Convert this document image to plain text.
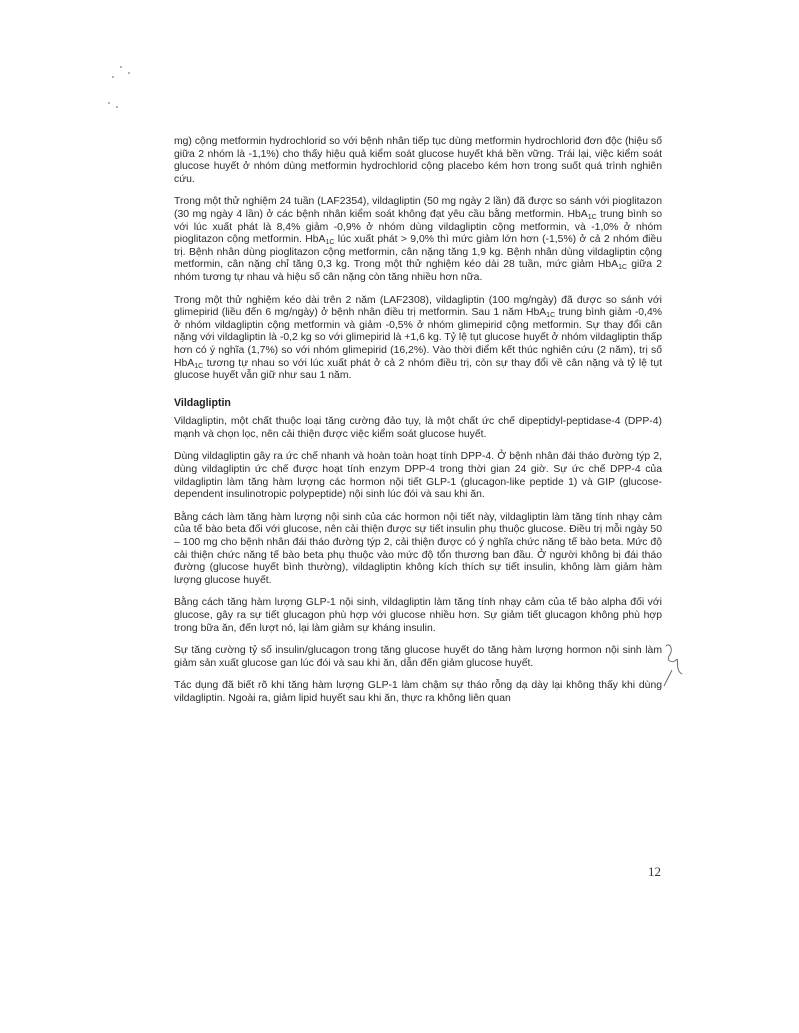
mg) cộng metformin hydrochlorid so với bệnh nhân tiếp tục dùng metformin hydrochlorid đơn độc (hiệu số giữa 2 nhóm là -1,1%) cho thấy hiệu quả kiểm soát glucose huyết khá bền vững. Trái lại, việc kiểm soát glucose huyết ở nhóm dùng metformin hydrochlorid cộng placebo kém hơn trong suốt quá trình nghiên cứu.

Trong một thử nghiệm 24 tuần (LAF2354), vildagliptin (50 mg ngày 2 lần) đã được so sánh với pioglitazon (30 mg ngày 4 lần) ở các bệnh nhân kiểm soát không đạt yêu cầu bằng metformin. HbA$_{1C}$ trung bình so với lúc xuất phát là 8,4% giảm -0,9% ở nhóm dùng vildagliptin cộng metformin, và -1,0% ở nhóm pioglitazon cộng metformin. HbA$_{1C}$ lúc xuất phát > 9,0% thì mức giảm lớn hơn (-1,5%) ở cả 2 nhóm điều trị. Bệnh nhân dùng pioglitazon cộng metformin, cân nặng tăng 1,9 kg. Bệnh nhân dùng vildagliptin cộng metformin, cân nặng chỉ tăng 0,3 kg. Trong một thử nghiệm kéo dài 28 tuần, mức giảm HbA$_{1C}$ giữa 2 nhóm tương tự nhau và hiệu số cân nặng còn tăng nhiều hơn nữa.

Trong một thử nghiệm kéo dài trên 2 năm (LAF2308), vildagliptin (100 mg/ngày) đã được so sánh với glimepirid (liều đến 6 mg/ngày) ở bệnh nhân điều trị metformin. Sau 1 năm HbA$_{1C}$ trung bình giảm -0,4% ở nhóm vildagliptin cộng metformin và giảm -0,5% ở nhóm glimepirid cộng metformin. Sự thay đổi cân nặng với vildagliptin là -0,2 kg so với glimepirid là +1,6 kg. Tỷ lệ tụt glucose huyết ở nhóm vildagliptin thấp hơn có ý nghĩa (1,7%) so với nhóm glimepirid (16,2%). Vào thời điểm kết thúc nghiên cứu (2 năm), trị số HbA$_{1C}$ tương tự nhau so với lúc xuất phát ở cả 2 nhóm điều trị, còn sự thay đổi về cân nặng và tỷ lệ tụt glucose huyết vẫn giữ như sau 1 năm.

Vildagliptin

Vildagliptin, một chất thuộc loại tăng cường đảo tụy, là một chất ức chế dipeptidyl-peptidase-4 (DPP-4) mạnh và chọn lọc, nên cải thiện được việc kiểm soát glucose huyết.

Dùng vildagliptin gây ra ức chế nhanh và hoàn toàn hoạt tính DPP-4. Ở bệnh nhân đái tháo đường týp 2, dùng vildagliptin ức chế được hoạt tính enzym DPP-4 trong thời gian 24 giờ. Sự ức chế DPP-4 của vildagliptin làm tăng hàm lượng các hormon nội tiết GLP-1 (glucagon-like peptide 1) và GIP (glucose-dependent insulinotropic polypeptide) nội sinh lúc đói và sau khi ăn.

Bằng cách làm tăng hàm lượng nội sinh của các hormon nội tiết này, vildagliptin làm tăng tính nhạy cảm của tế bào beta đối với glucose, nên cải thiện được sự tiết insulin phụ thuộc glucose. Điều trị mỗi ngày 50 – 100 mg cho bệnh nhân đái tháo đường týp 2, cải thiện được có ý nghĩa chức năng tế bào beta. Mức độ cải thiện chức năng tế bào beta phụ thuộc vào mức độ tổn thương ban đầu. Ở người không bị đái tháo đường (glucose huyết bình thường), vildagliptin không kích thích sự tiết insulin, không làm giảm hàm lượng glucose huyết.

Bằng cách tăng hàm lượng GLP-1 nội sinh, vildagliptin làm tăng tính nhạy cảm của tế bào alpha đối với glucose, gây ra sự tiết glucagon phù hợp với glucose nhiều hơn. Sự giảm tiết glucagon không phù hợp trong bữa ăn, đến lượt nó, lại làm giảm sự kháng insulin.

Sự tăng cường tỷ số insulin/glucagon trong tăng glucose huyết do tăng hàm lượng hormon nội sinh làm giảm sản xuất glucose gan lúc đói và sau khi ăn, dẫn đến giảm glucose huyết.

Tác dụng đã biết rõ khi tăng hàm lượng GLP-1 làm chậm sự tháo rỗng dạ dày lại không thấy khi dùng vildagliptin. Ngoài ra, giảm lipid huyết sau khi ăn, thực ra không liên quan

12
